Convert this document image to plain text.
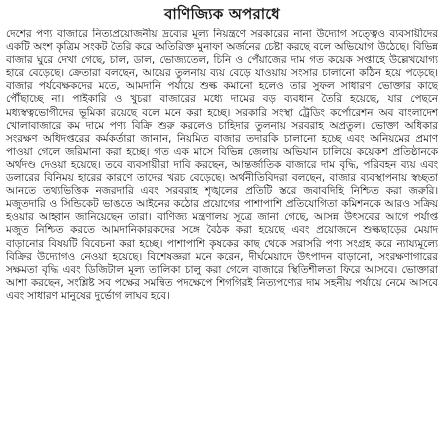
বাণিজ্যিক অপরাধে

দেশের পণ্য বাজারে নিত্যপ্রয়োজনীয় দ্রব্যের মূল্য নিয়ন্ত্রণে সরকারের নানা উদ্যোগ সত্ত্বেও ব্যবসায়ীদের একটি অংশ কৃত্রিম সংকট তৈরি করে অতিরিক্ত মুনাফা অর্জনের চেষ্টা করছে বলে অভিযোগ উঠেছে। বিভিন্ন বাজার ঘুরে দেখা গেছে, চাল, ডাল, ভোজ্যতেল, চিনি ও পেঁয়াজের দাম গত কয়েক সপ্তাহে উল্লেখযোগ্য হারে বেড়েছে। ক্রেতারা বলছেন, আয়ের তুলনায় ব্যয় বেড়ে যাওয়ায় সংসার চালানো কঠিন হয়ে পড়েছে। বাজার পর্যবেক্ষকদের মতে, আমদানি পর্যায়ে শুল্ক কমানো হলেও তার সুফল সাধারণ ভোক্তার কাছে পৌঁছাচ্ছে না। পাইকারি ও খুচরা বাজারের মধ্যে দামের বড় ব্যবধান তৈরি হয়েছে, যার পেছনে মধ্যস্বত্বভোগীদের ভূমিকা রয়েছে বলে মনে করা হচ্ছে। সরকারি সংস্থা ট্রেডিং কর্পোরেশন অব বাংলাদেশ খোলাবাজারে কম দামে পণ্য বিক্রি শুরু করলেও চাহিদার তুলনায় সরবরাহ অপ্রতুল। ভোক্তা অধিকার সংরক্ষণ অধিদপ্তরের কর্মকর্তারা জানান, নিয়মিত বাজার তদারকি চালানো হচ্ছে এবং অনিয়মের প্রমাণ পাওয়া গেলে জরিমানা করা হচ্ছে। গত এক মাসে বিভিন্ন জেলায় অভিযান চালিয়ে কয়েকশ প্রতিষ্ঠানকে অর্থদণ্ড দেওয়া হয়েছে। তবে ব্যবসায়ীরা দাবি করছেন, আন্তর্জাতিক বাজারে দাম বৃদ্ধি, পরিবহন ব্যয় এবং ডলারের বিনিময় হারের কারণে তাদের খরচ বেড়েছে। অর্থনীতিবিদরা বলছেন, বাজার ব্যবস্থাপনায় স্বচ্ছতা আনতে তথ্যভিত্তিক নজরদারি এবং সরবরাহ শৃঙ্খলের প্রতিটি স্তরে জবাবদিহি নিশ্চিত করা জরুরি। মজুতদারি ও সিন্ডিকেট ভাঙতে আইনের কঠোর প্রয়োগের পাশাপাশি প্রতিযোগিতা কমিশনকে আরও সক্রিয় হওয়ার আহ্বান জানিয়েছেন তারা। বাণিজ্য মন্ত্রণালয় সূত্রে জানা গেছে, আসন্ন উৎসবের আগে পর্যাপ্ত মজুত নিশ্চিত করতে আমদানিকারকদের সঙ্গে বৈঠক করা হয়েছে এবং প্রয়োজনে শুল্কছাড়ের মেয়াদ বাড়ানোর বিষয়টি বিবেচনা করা হচ্ছে। পাশাপাশি কৃষকের কাছ থেকে সরাসরি পণ্য সংগ্রহ করে ন্যায্যমূল্যে বিক্রির উদ্যোগও নেওয়া হয়েছে। বিশেষজ্ঞরা মনে করেন, দীর্ঘমেয়াদে উৎপাদন বাড়ানো, সংরক্ষণাগারের সক্ষমতা বৃদ্ধি এবং ডিজিটাল মূল্য তালিকা চালু করা গেলে বাজারে স্থিতিশীলতা ফিরে আসবে। ভোক্তারা আশা করছেন, সংশ্লিষ্ট সব পক্ষের সমন্বিত পদক্ষেপে শিগগিরই নিত্যপণ্যের দাম সহনীয় পর্যায়ে নেমে আসবে এবং সাধারণ মানুষের দুর্ভোগ লাঘব হবে।
